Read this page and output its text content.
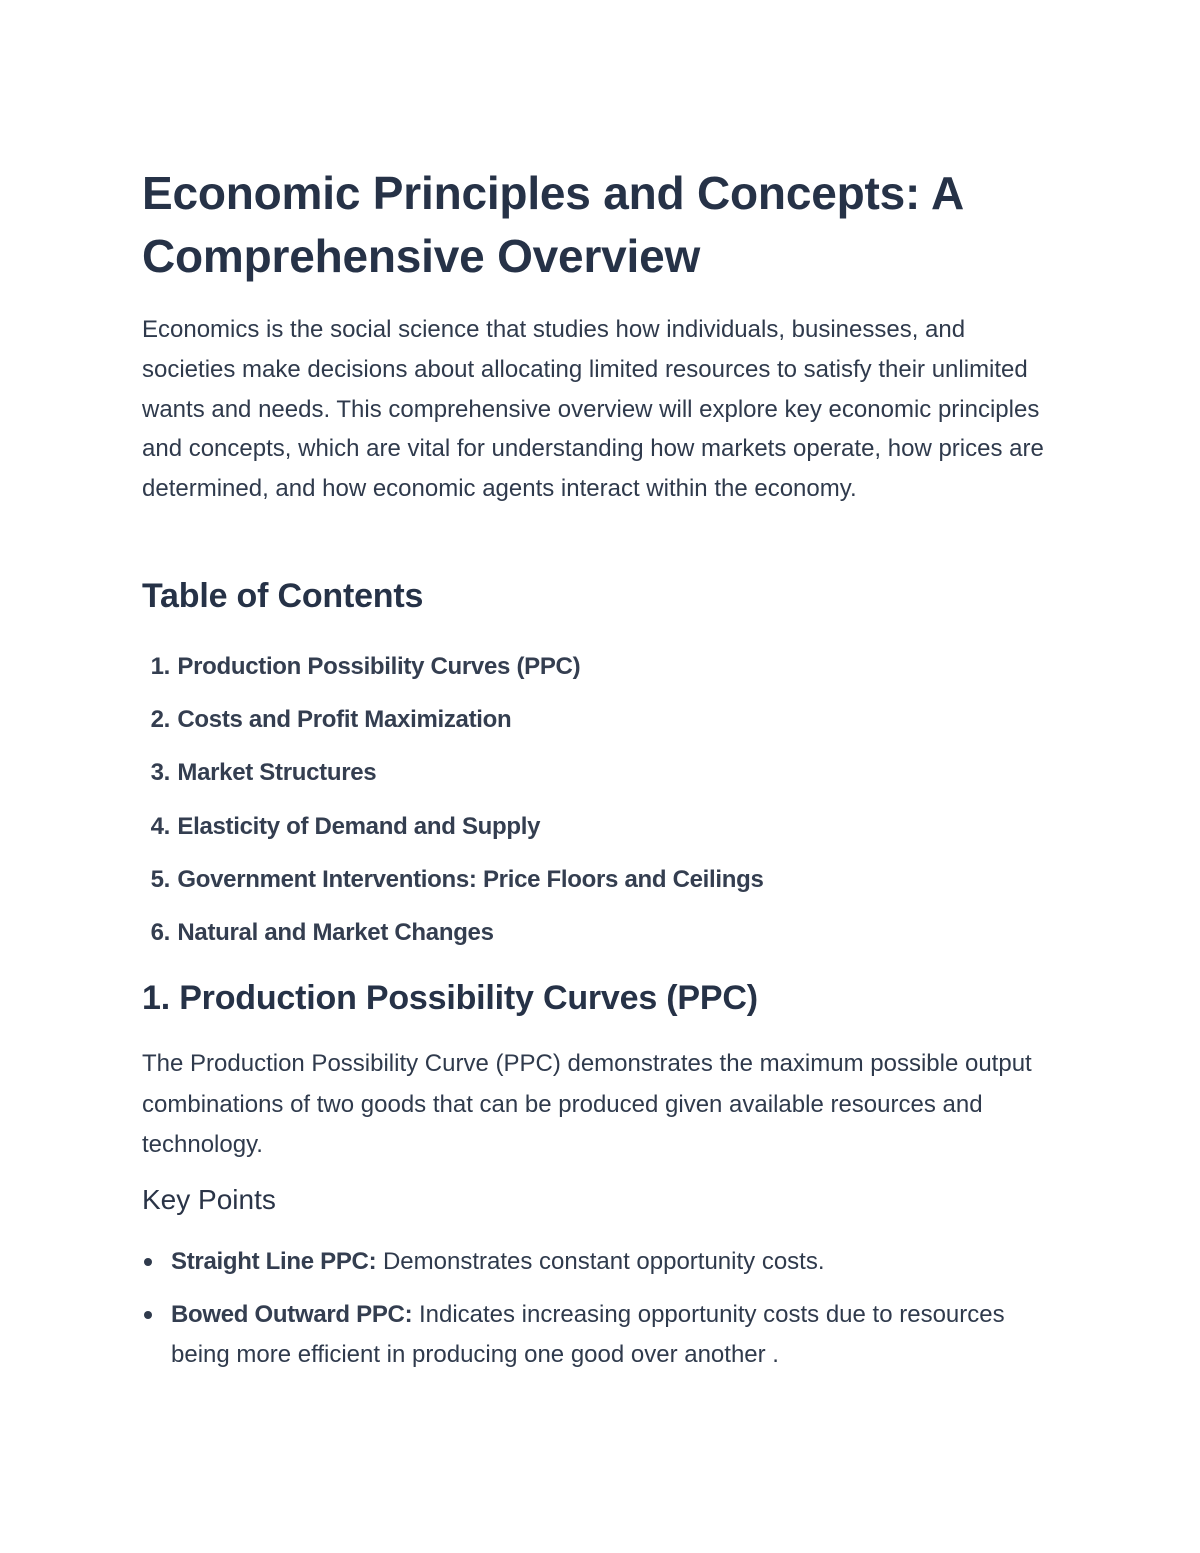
Economic Principles and Concepts: A Comprehensive Overview

Economics is the social science that studies how individuals, businesses, and societies make decisions about allocating limited resources to satisfy their unlimited wants and needs. This comprehensive overview will explore key economic principles and concepts, which are vital for understanding how markets operate, how prices are determined, and how economic agents interact within the economy.

Table of Contents
1. Production Possibility Curves (PPC)
2. Costs and Profit Maximization
3. Market Structures
4. Elasticity of Demand and Supply
5. Government Interventions: Price Floors and Ceilings
6. Natural and Market Changes
1. Production Possibility Curves (PPC)

The Production Possibility Curve (PPC) demonstrates the maximum possible output combinations of two goods that can be produced given available resources and technology.

Key Points
Straight Line PPC: Demonstrates constant opportunity costs.
Bowed Outward PPC: Indicates increasing opportunity costs due to resources being more efficient in producing one good over another .
